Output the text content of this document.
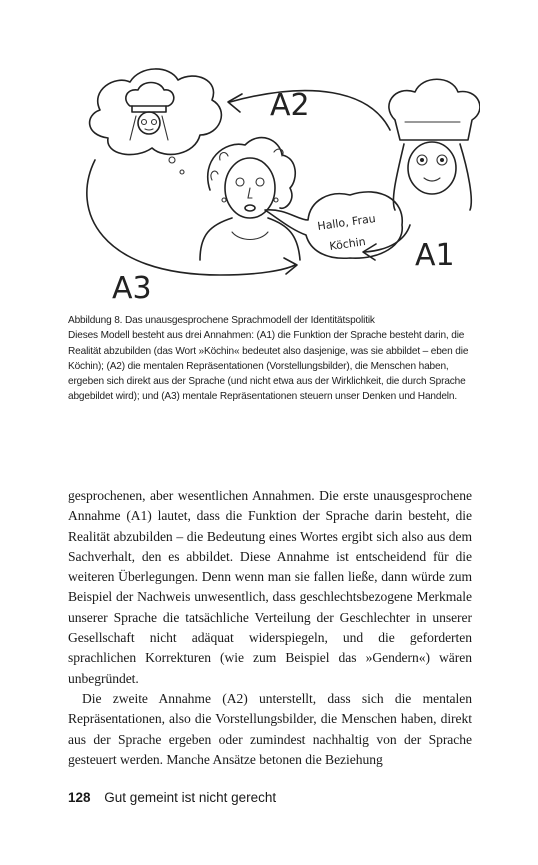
A2
A3
A1
Hallo, Frau
Köchin
Abbildung 8. Das unausgesprochene Sprachmodell der Identitätspolitik
Dieses Modell besteht aus drei Annahmen: (A1) die Funktion der Sprache besteht darin, die Realität abzubilden (das Wort »Köchin« bedeutet also dasjenige, was sie abbildet – eben die Köchin); (A2) die mentalen Repräsentationen (Vorstellungsbilder), die Menschen haben, ergeben sich direkt aus der Sprache (und nicht etwa aus der Wirklichkeit, die durch Sprache abgebildet wird); und (A3) mentale Repräsentationen steuern unser Denken und Handeln.

gesprochenen, aber wesentlichen Annahmen. Die erste unausgesprochene Annahme (A1) lautet, dass die Funktion der Sprache darin besteht, die Realität abzubilden – die Bedeutung eines Wortes ergibt sich also aus dem Sachverhalt, den es abbildet. Diese Annahme ist entscheidend für die weiteren Überlegungen. Denn wenn man sie fallen ließe, dann würde zum Beispiel der Nachweis unwesentlich, dass geschlechtsbezogene Merkmale unserer Sprache die tatsächliche Verteilung der Geschlechter in unserer Gesellschaft nicht adäquat widerspiegeln, und die geforderten sprachlichen Korrekturen (wie zum Beispiel das »Gendern«) wären unbegründet.

Die zweite Annahme (A2) unterstellt, dass sich die mentalen Repräsentationen, also die Vorstellungsbilder, die Menschen haben, direkt aus der Sprache ergeben oder zumindest nachhaltig von der Sprache gesteuert werden. Manche Ansätze betonen die Beziehung

128 Gut gemeint ist nicht gerecht
